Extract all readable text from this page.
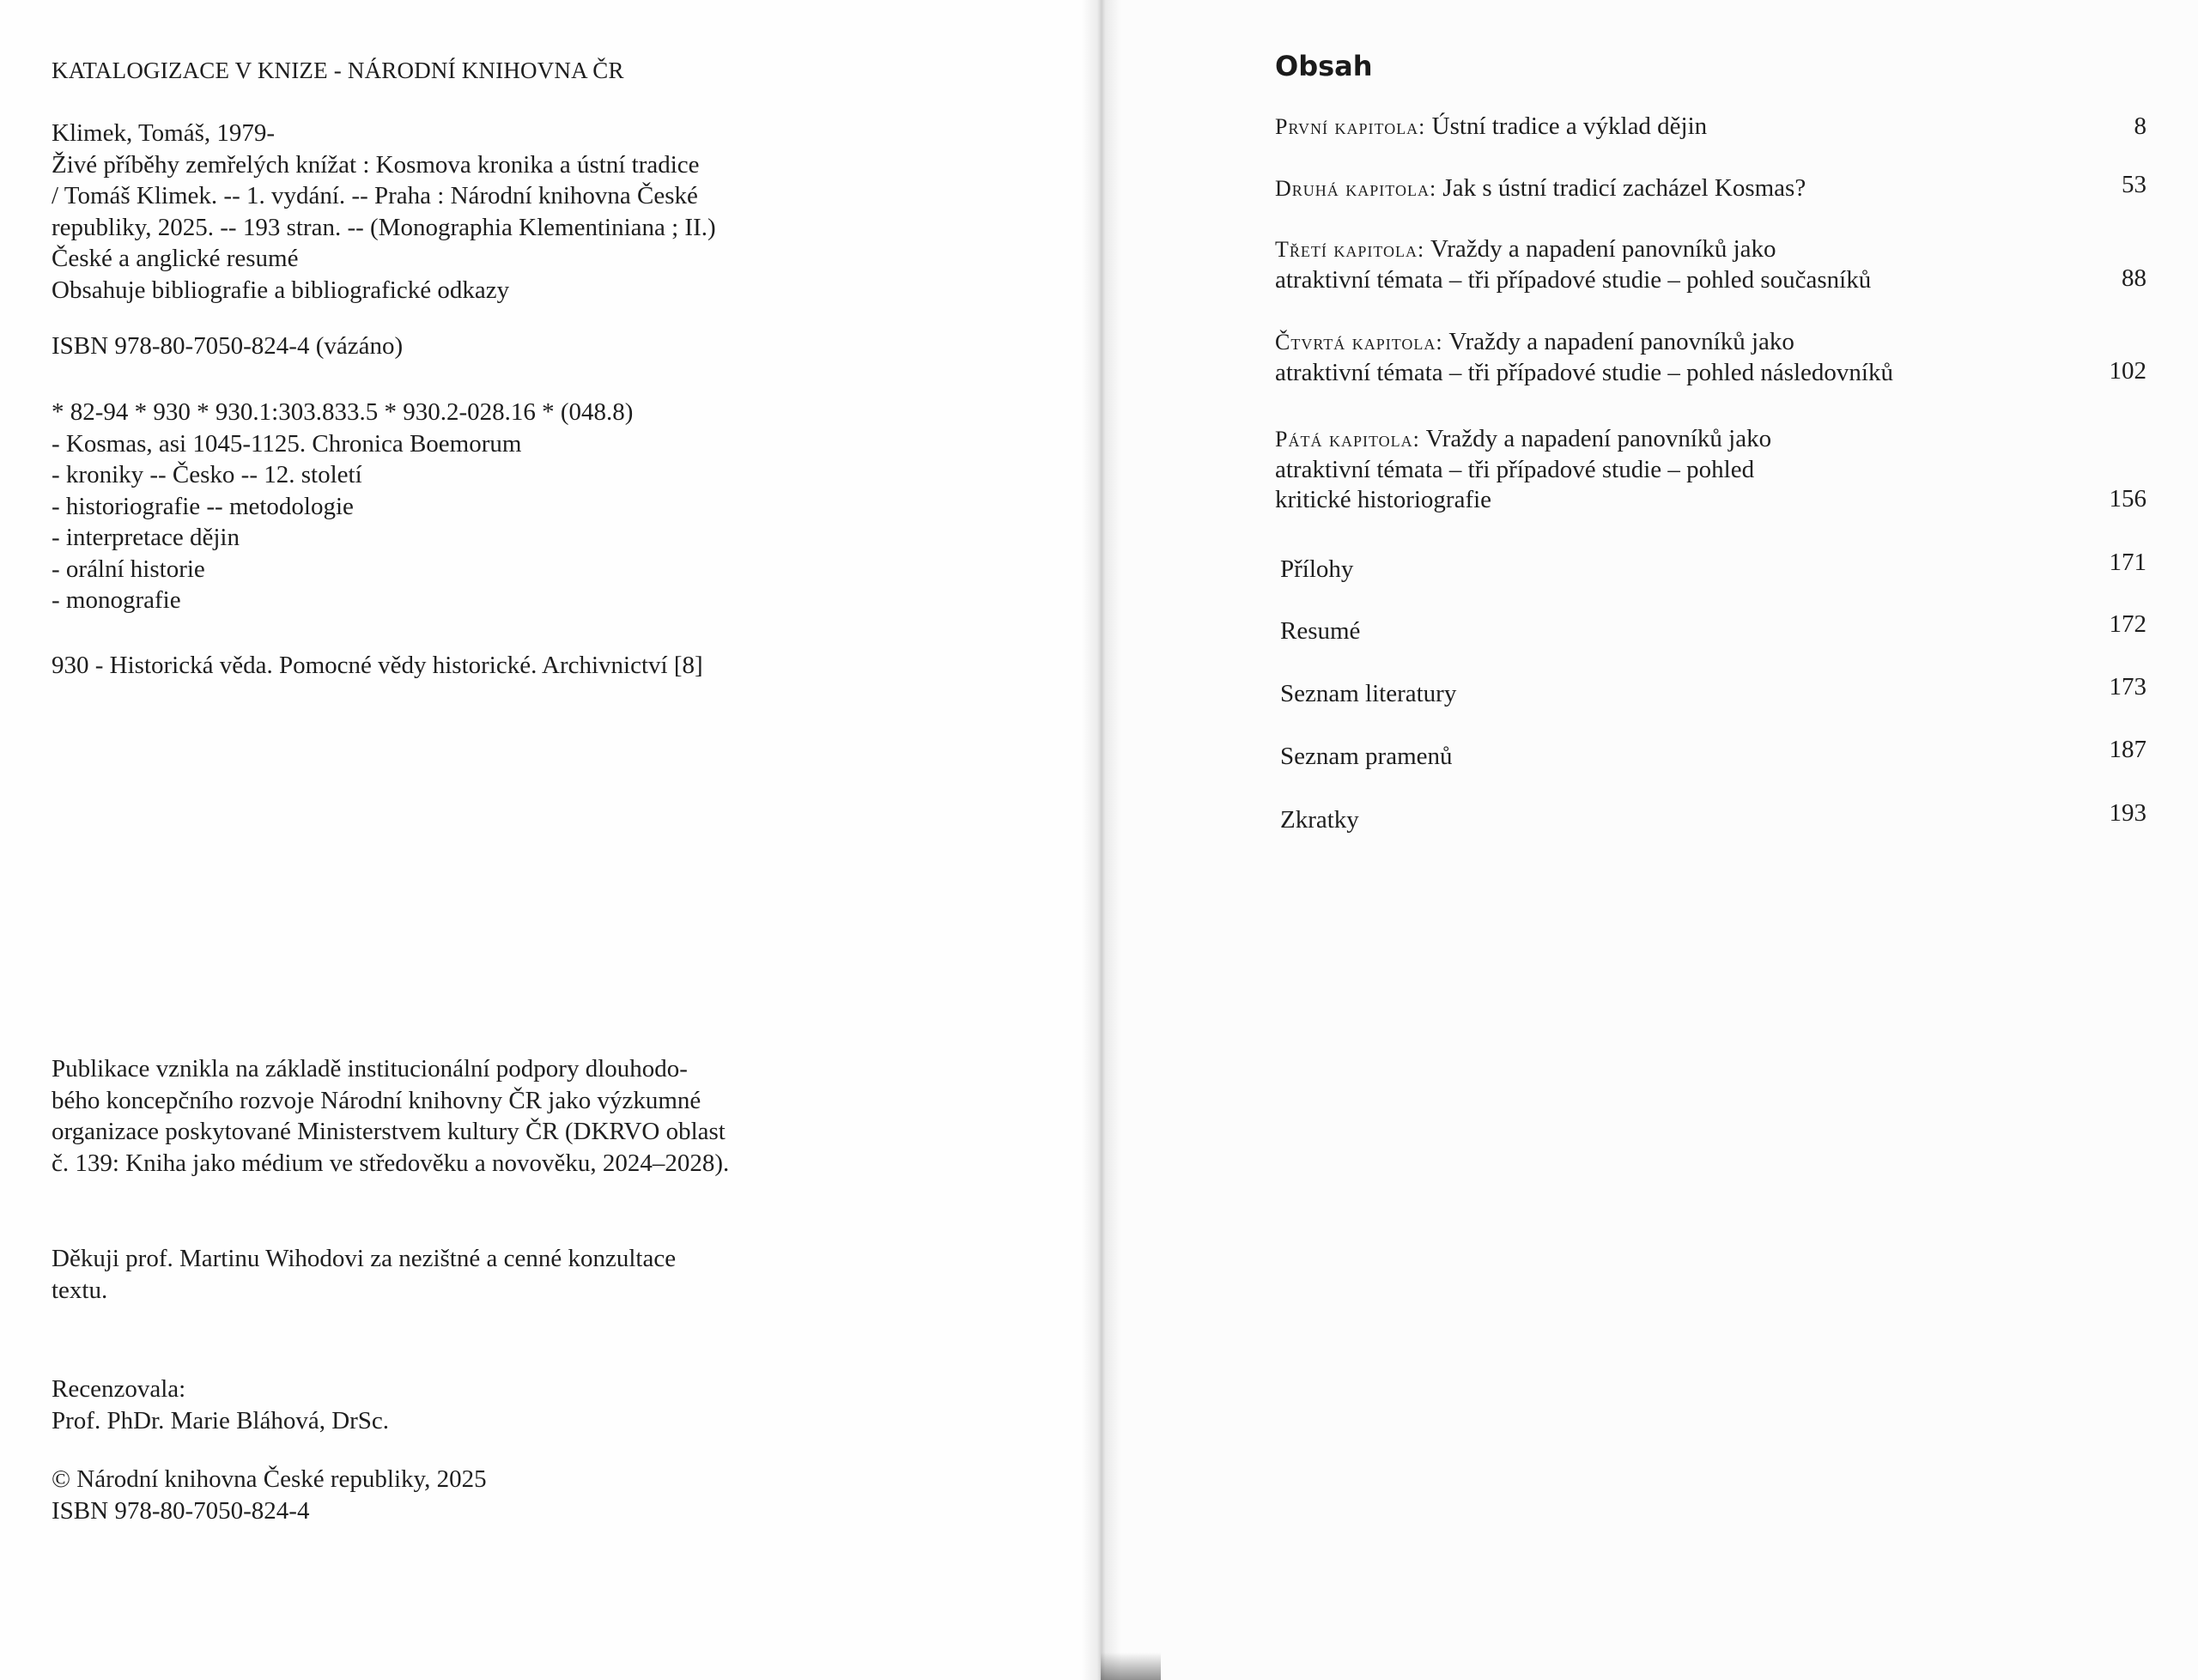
KATALOGIZACE V KNIZE - NÁRODNÍ KNIHOVNA ČR
Klimek, Tomáš, 1979-
Živé příběhy zemřelých knížat : Kosmova kronika a ústní tradice
/ Tomáš Klimek. -- 1. vydání. -- Praha : Národní knihovna České
republiky, 2025. -- 193 stran. -- (Monographia Klementiniana ; II.)
České a anglické resumé
Obsahuje bibliografie a bibliografické odkazy
ISBN 978-80-7050-824-4 (vázáno)
* 82-94 * 930 * 930.1:303.833.5 * 930.2-028.16 * (048.8)
- Kosmas, asi 1045-1125. Chronica Boemorum
- kroniky -- Česko -- 12. století
- historiografie -- metodologie
- interpretace dějin
- orální historie
- monografie
930 - Historická věda. Pomocné vědy historické. Archivnictví [8]
Publikace vznikla na základě institucionální podpory dlouhodo-
bého koncepčního rozvoje Národní knihovny ČR jako výzkumné
organizace poskytované Ministerstvem kultury ČR (DKRVO oblast
č. 139: Kniha jako médium ve středověku a novověku, 2024–2028).
Děkuji prof. Martinu Wihodovi za nezištné a cenné konzultace
textu.
Recenzovala:
Prof. PhDr. Marie Bláhová, DrSc.
© Národní knihovna České republiky, 2025
ISBN 978-80-7050-824-4
Obsah
První kapitola: Ústní tradice a výklad dějin	8
Druhá kapitola: Jak s ústní tradicí zacházel Kosmas?	53
Třetí kapitola: Vraždy a napadení panovníků jako
atraktivní témata – tři případové studie – pohled současníků	88
Čtvrtá kapitola: Vraždy a napadení panovníků jako
atraktivní témata – tři případové studie – pohled následovníků	102
Pátá kapitola: Vraždy a napadení panovníků jako
atraktivní témata – tři případové studie – pohled
kritické historiografie	156
Přílohy	171
Resumé	172
Seznam literatury	173
Seznam pramenů	187
Zkratky	193
